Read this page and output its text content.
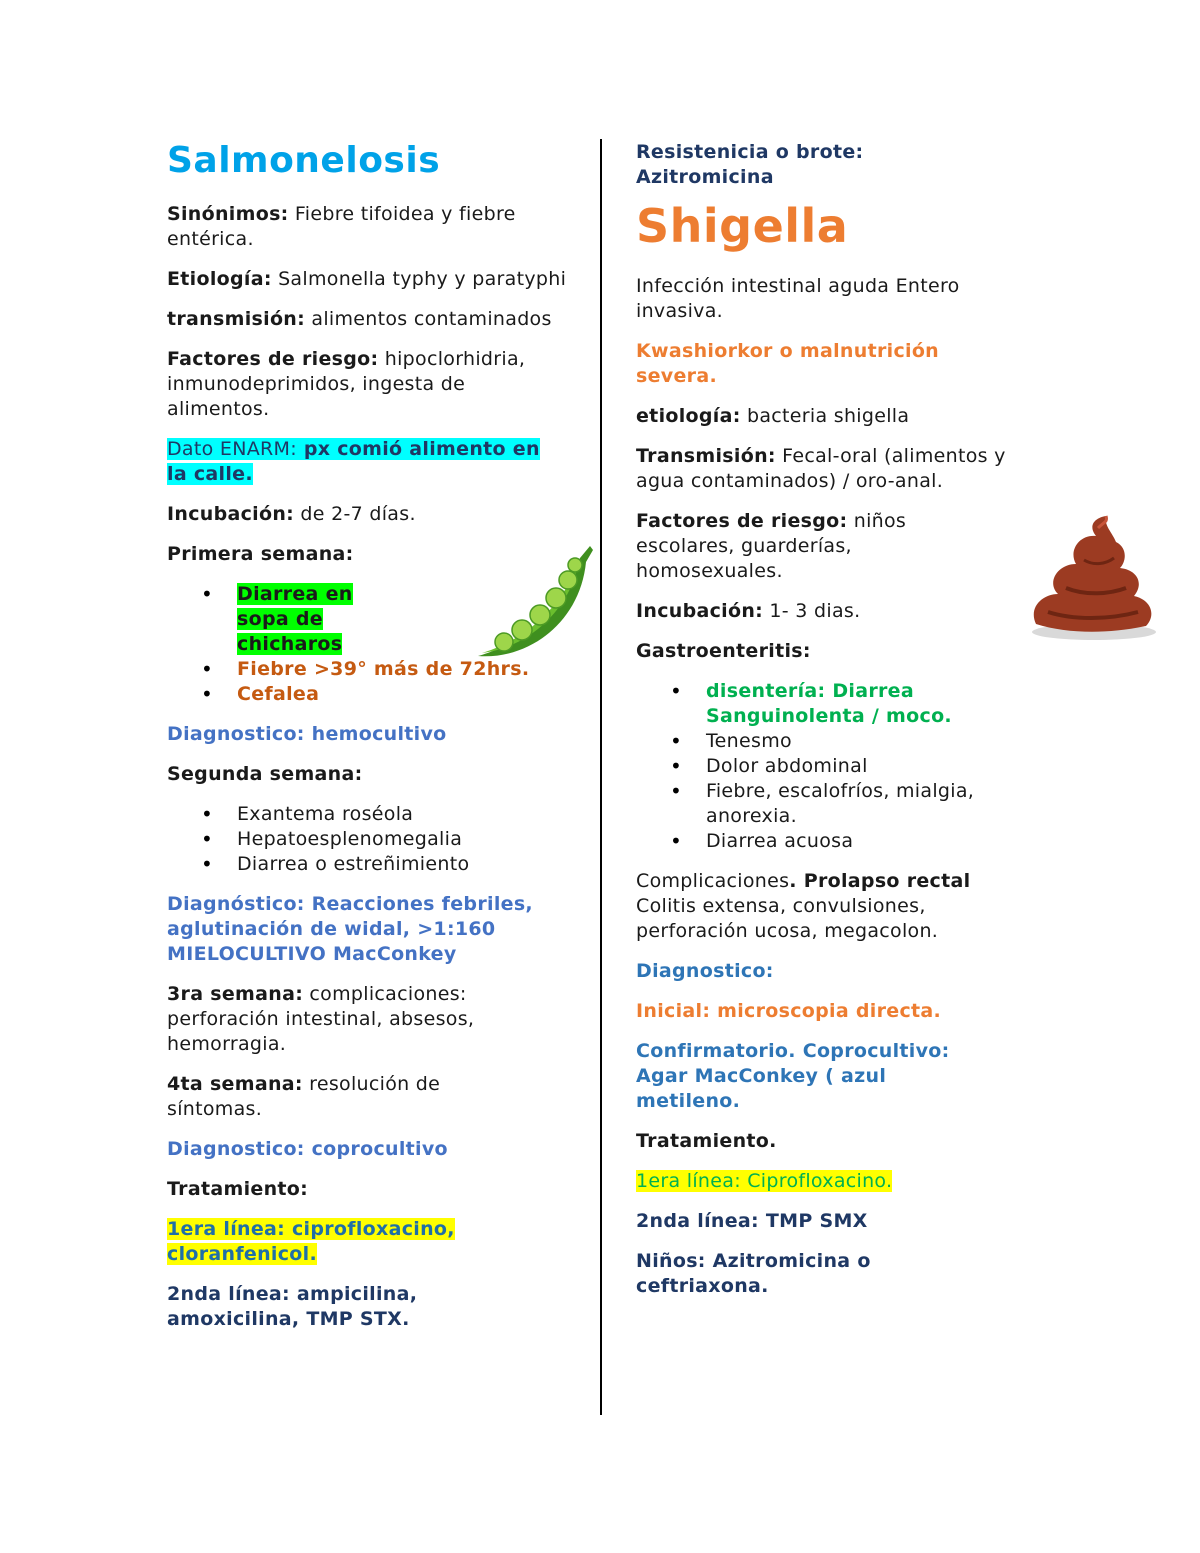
Salmonelosis

Sinónimos: Fiebre tifoidea y fiebre entérica.

Etiología: Salmonella typhy y paratyphi

transmisión: alimentos contaminados

Factores de riesgo: hipoclorhidria, inmunodeprimidos, ingesta de alimentos.

Dato ENARM: px comió alimento en la calle.

Incubación: de 2-7 días.

Primera semana:

• Diarrea en sopa de chicharos
• Fiebre >39° más de 72hrs.
• Cefalea

Diagnostico: hemocultivo

Segunda semana:

• Exantema roséola
• Hepatoesplenomegalia
• Diarrea o estreñimiento

Diagnóstico: Reacciones febriles, aglutinación de widal, >1:160 MIELOCULTIVO MacConkey

3ra semana: complicaciones: perforación intestinal, absesos, hemorragia.

4ta semana: resolución de síntomas.

Diagnostico: coprocultivo

Tratamiento:

1era línea: ciprofloxacino, cloranfenicol.

2nda línea: ampicilina, amoxicilina, TMP STX.

Resistenicia o brote: Azitromicina

Shigella

Infección intestinal aguda Entero invasiva.

Kwashiorkor o malnutrición severa.

etiología: bacteria shigella

Transmisión: Fecal-oral (alimentos y agua contaminados) / oro-anal.

Factores de riesgo: niños escolares, guarderías, homosexuales.

Incubación: 1- 3 dias.

Gastroenteritis:

• disentería: Diarrea Sanguinolenta / moco.
• Tenesmo
• Dolor abdominal
• Fiebre, escalofríos, mialgia, anorexia.
• Diarrea acuosa

Complicaciones. Prolapso rectal Colitis extensa, convulsiones, perforación ucosa, megacolon.

Diagnostico:

Inicial: microscopia directa.

Confirmatorio. Coprocultivo: Agar MacConkey ( azul metileno.

Tratamiento.

1era línea: Ciprofloxacino.

2nda línea: TMP SMX

Niños: Azitromicina o ceftriaxona.
